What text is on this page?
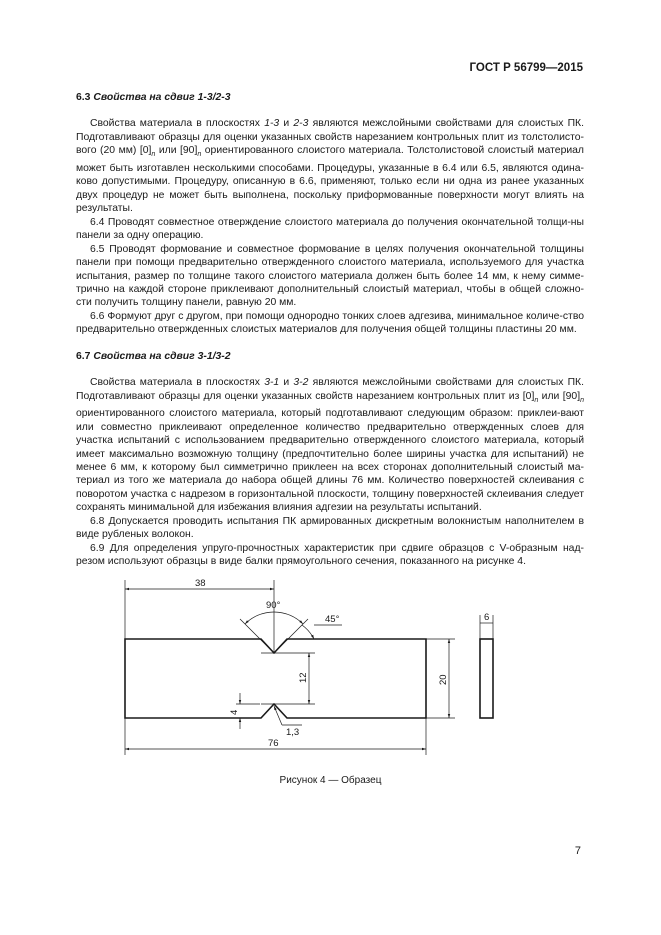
ГОСТ Р 56799—2015
6.3 Свойства на сдвиг 1-3/2-3

Свойства материала в плоскостях 1-3 и 2-3 являются межслойными свойствами для слоистых ПК. Подготавливают образцы для оценки указанных свойств нарезанием контрольных плит из толстолисто-вого (20 мм) $[0]_n$ или $[90]_n$ ориентированного слоистого материала. Толстолистовой слоистый материал может быть изготавлен несколькими способами. Процедуры, указанные в 6.4 или 6.5, являются одина-ково допустимыми. Процедуру, описанную в 6.6, применяют, только если ни одна из ранее указанных двух процедур не может быть выполнена, поскольку приформованные поверхности могут влиять на результаты.

6.4 Проводят совместное отверждение слоистого материала до получения окончательной толщи-ны панели за одну операцию.

6.5 Проводят формование и совместное формование в целях получения окончательной толщины панели при помощи предварительно отвержденного слоистого материала, используемого для участка испытания, размер по толщине такого слоистого материала должен быть более 14 мм, к нему симме-трично на каждой стороне приклеивают дополнительный слоистый материал, чтобы в общей сложно-сти получить толщину панели, равную 20 мм.

6.6 Формуют друг с другом, при помощи однородно тонких слоев адгезива, минимальное количе-ство предварительно отвержденных слоистых материалов для получения общей толщины пластины 20 мм.

6.7 Свойства на сдвиг 3-1/3-2

Свойства материала в плоскостях 3-1 и 3-2 являются межслойными свойствами для слоистых ПК. Подготавливают образцы для оценки указанных свойств нарезанием контрольных плит из $[0]_n$ или $[90]_n$ ориентированного слоистого материала, который подготавливают следующим образом: приклеи-вают или совместно приклеивают определенное количество предварительно отвержденных слоев для участка испытаний с использованием предварительно отвержденного слоистого материала, который имеет максимально возможную толщину (предпочтительно более ширины участка для испытаний) не менее 6 мм, к которому был симметрично приклеен на всех сторонах дополнительный слоистый ма-териал из того же материала до набора общей длины 76 мм. Количество поверхностей склеивания с поворотом участка с надрезом в горизонтальной плоскости, толщину поверхностей склеивания следует сохранять минимальной для избежания влияния адгезии на результаты испытаний.

6.8 Допускается проводить испытания ПК армированных дискретным волокнистым наполнителем в виде рубленых волокон.

6.9 Для определения упруго-прочностных характеристик при сдвиге образцов с V-образным над-резом используют образцы в виде балки прямоугольного сечения, показанного на рисунке 4.

38
90°
45°
12	20
4
1,3
76
6
Рисунок 4 — Образец
7
